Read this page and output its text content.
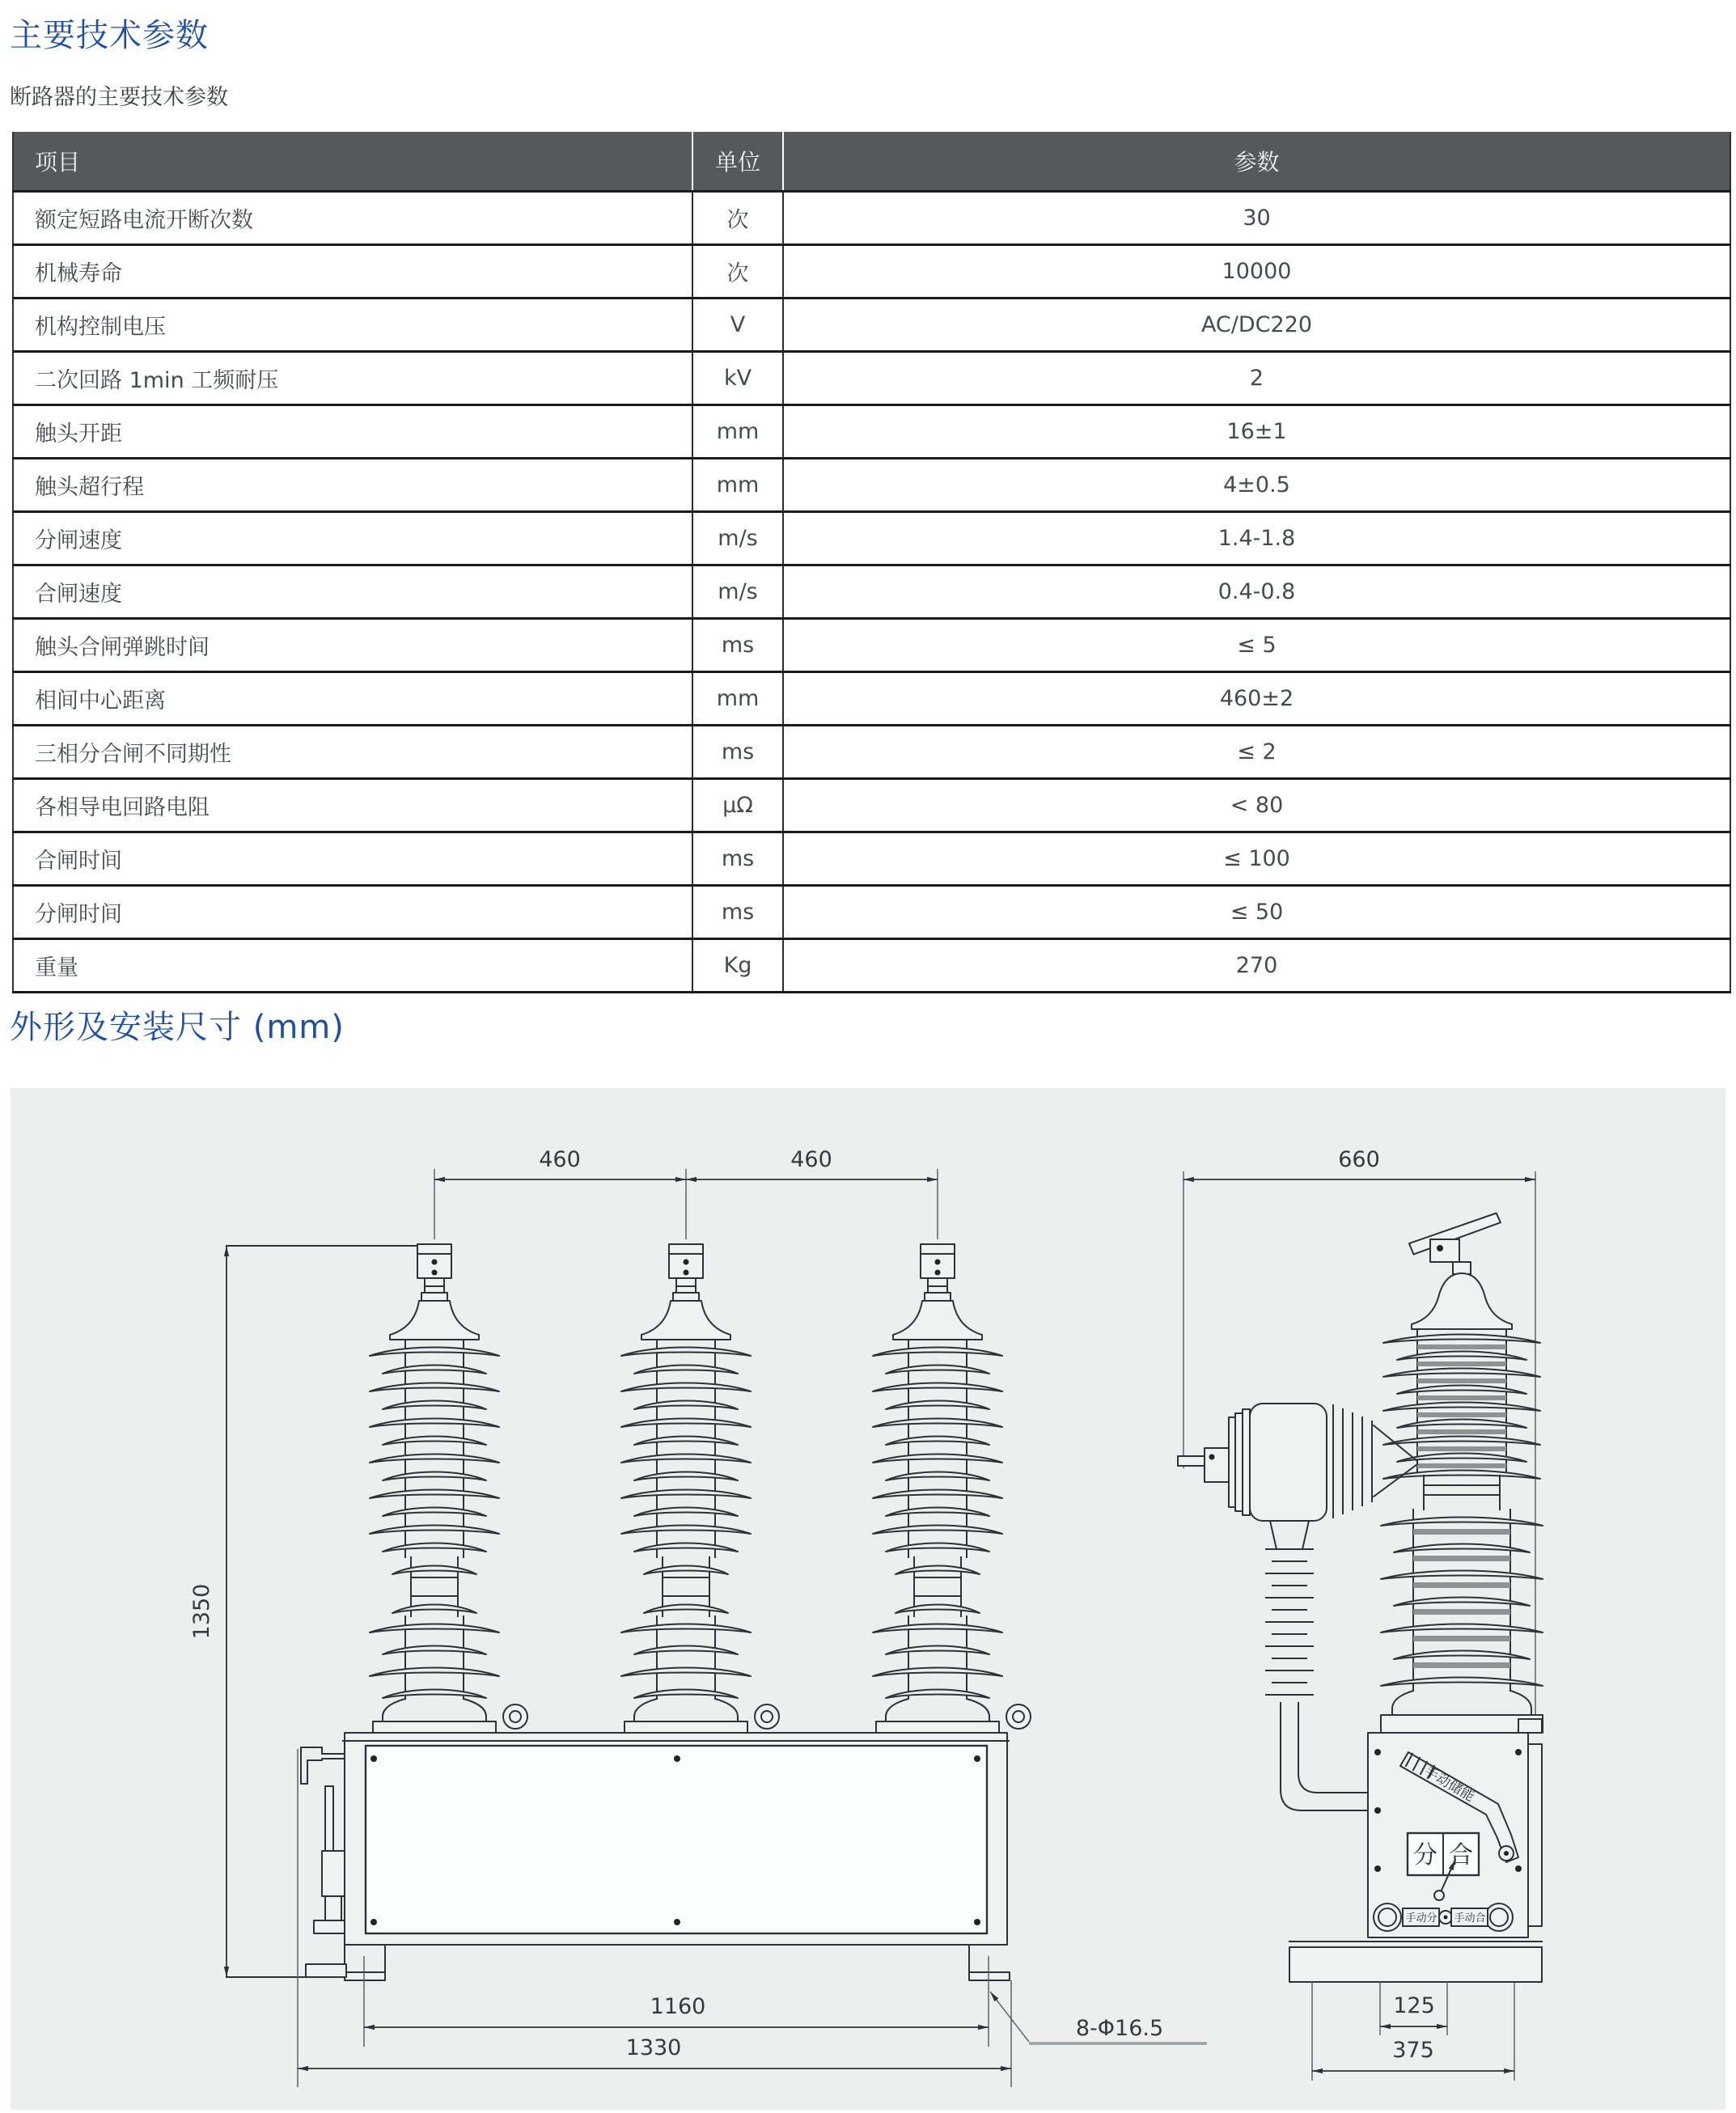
主要技术参数

断路器的主要技术参数

项目	单位	参数
额定短路电流开断次数	次	30
机械寿命	次	10000
机构控制电压	V	AC/DC220
二次回路 1min 工频耐压	kV	2
触头开距	mm	16±1
触头超行程	mm	4±0.5
分闸速度	m/s	1.4-1.8
合闸速度	m/s	0.4-0.8
触头合闸弹跳时间	ms	≤ 5
相间中心距离	mm	460±2
三相分合闸不同期性	ms	≤ 2
各相导电回路电阻	μΩ	< 80
合闸时间	ms	≤ 100
分闸时间	ms	≤ 50
重量	Kg	270
外形及安装尺寸 (mm)
460	460
1350
1160
1330
8-Φ16.5
660
手动储能
分 合
手动分 手动合
125
375
